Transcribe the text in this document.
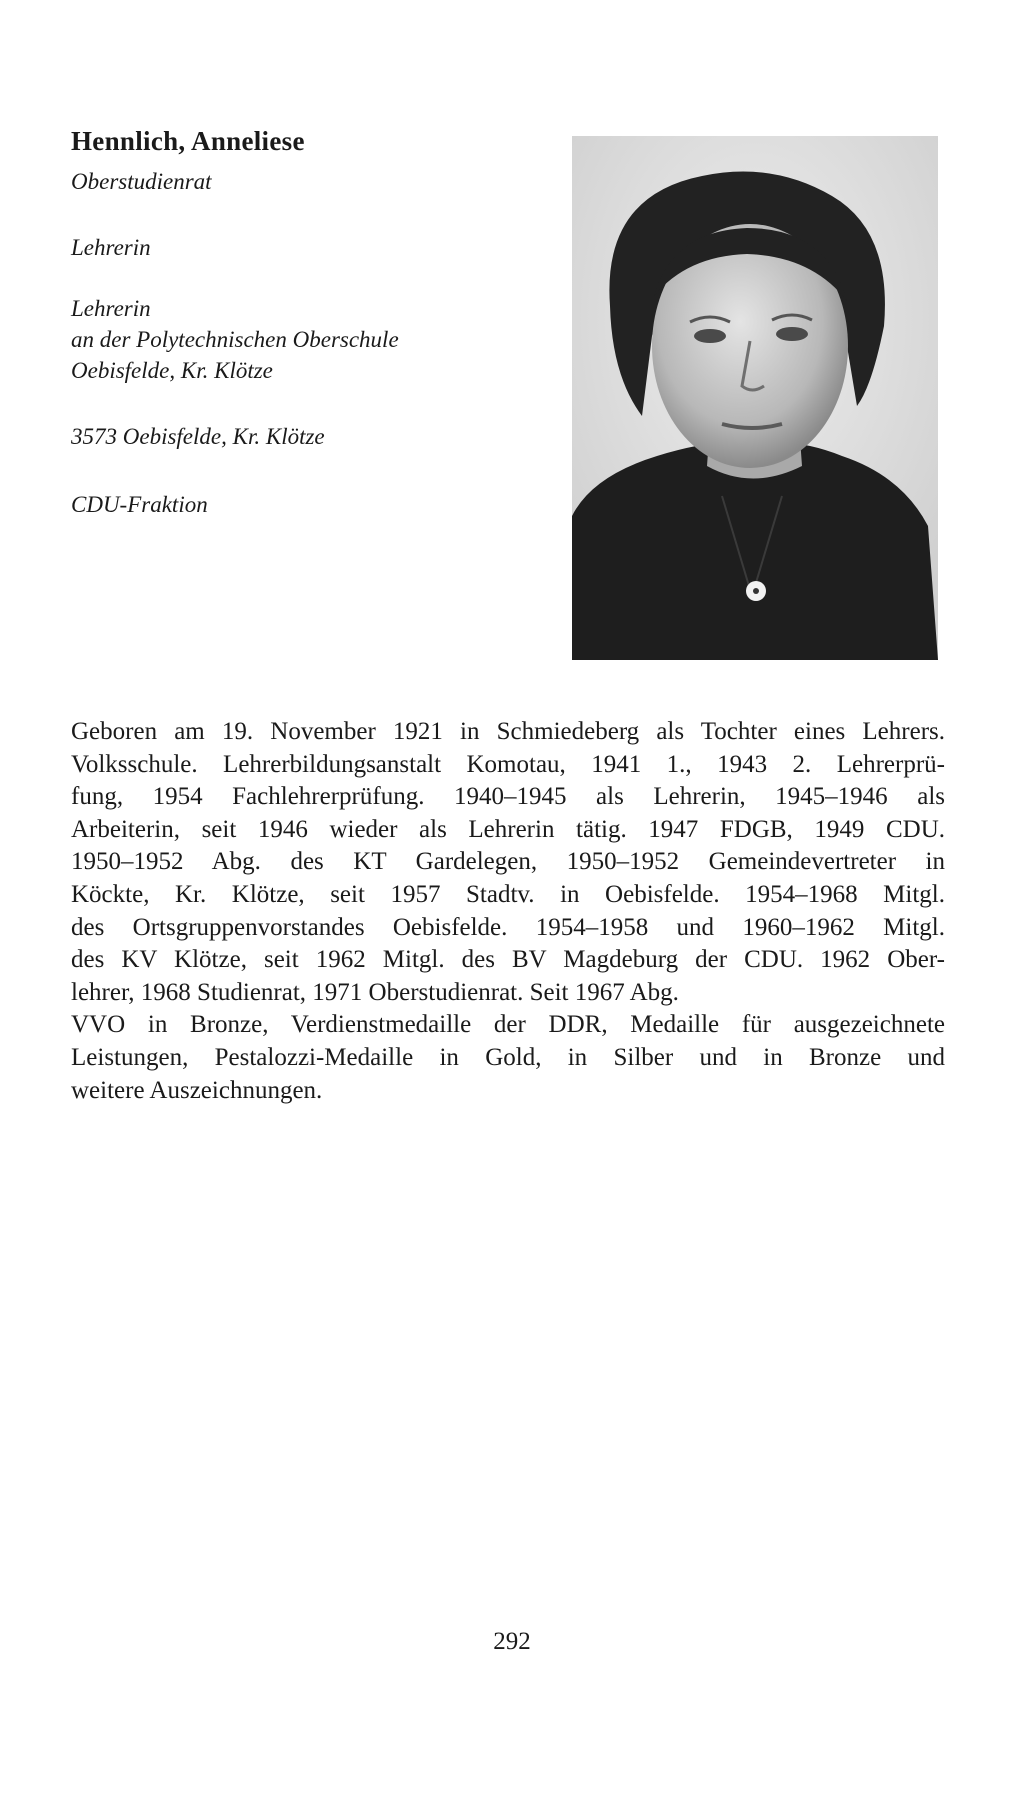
Hennlich, Anneliese
Oberstudienrat
Lehrerin
Lehrerin
an der Polytechnischen Oberschule
Oebisfelde, Kr. Klötze
3573 Oebisfelde, Kr. Klötze
CDU-Fraktion
Geboren am 19. November 1921 in Schmiedeberg als Tochter eines Lehrers.
Volksschule. Lehrerbildungsanstalt Komotau, 1941 1., 1943 2. Lehrerprü-
fung, 1954 Fachlehrerprüfung. 1940–1945 als Lehrerin, 1945–1946 als
Arbeiterin, seit 1946 wieder als Lehrerin tätig. 1947 FDGB, 1949 CDU.
1950–1952 Abg. des KT Gardelegen, 1950–1952 Gemeindevertreter in
Köckte, Kr. Klötze, seit 1957 Stadtv. in Oebisfelde. 1954–1968 Mitgl.
des Ortsgruppenvorstandes Oebisfelde. 1954–1958 und 1960–1962 Mitgl.
des KV Klötze, seit 1962 Mitgl. des BV Magdeburg der CDU. 1962 Ober-
lehrer, 1968 Studienrat, 1971 Oberstudienrat. Seit 1967 Abg.
VVO in Bronze, Verdienstmedaille der DDR, Medaille für ausgezeichnete
Leistungen, Pestalozzi-Medaille in Gold, in Silber und in Bronze und
weitere Auszeichnungen.
292
